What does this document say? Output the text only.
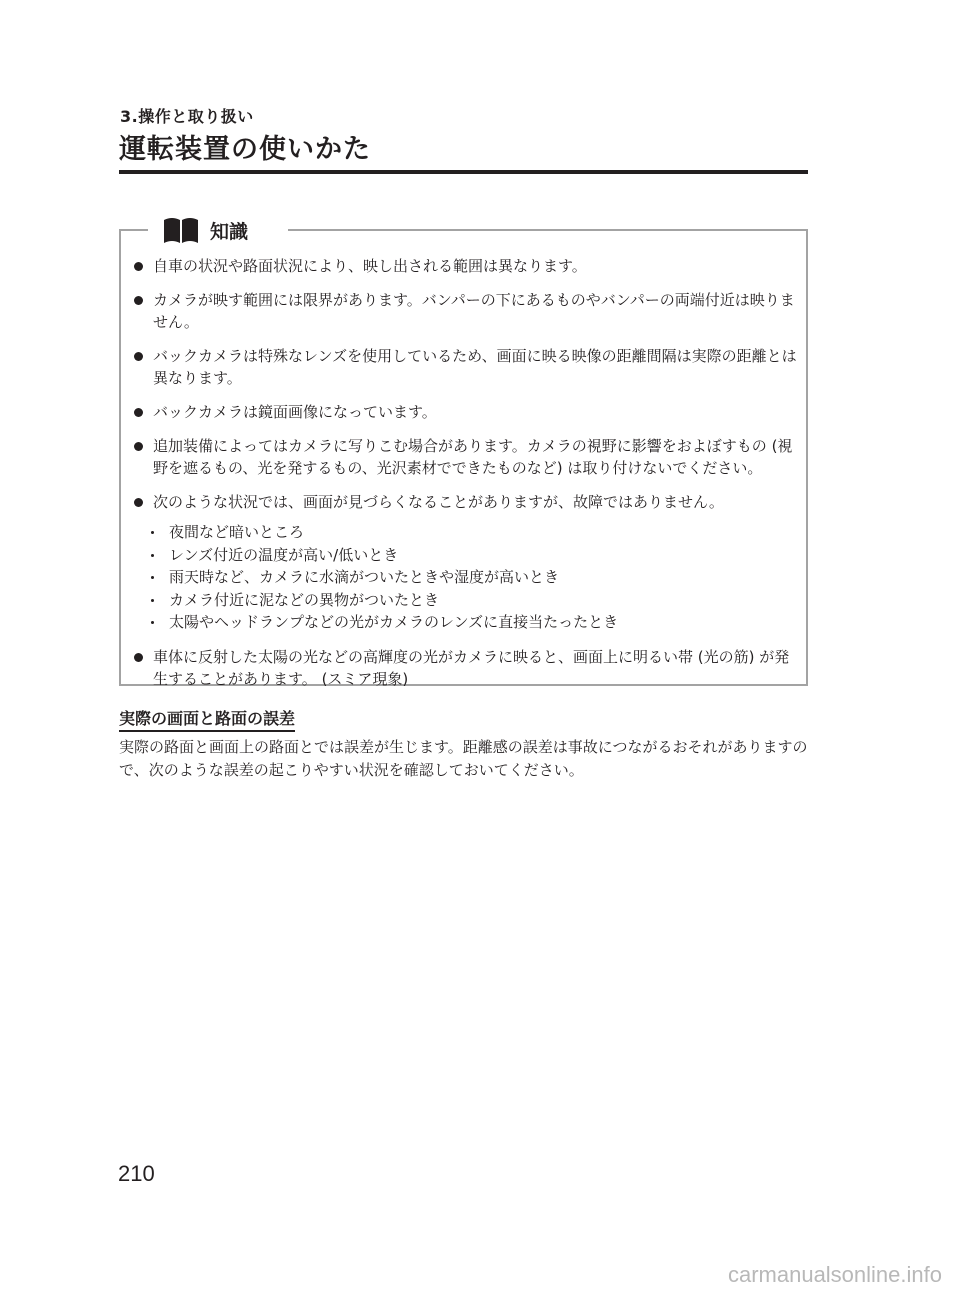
3.操作と取り扱い
運転装置の使いかた
知識
自車の状況や路面状況により、映し出される範囲は異なります。
カメラが映す範囲には限界があります。バンパーの下にあるものやバンパーの両端付近は映りません。
バックカメラは特殊なレンズを使用しているため、画面に映る映像の距離間隔は実際の距離とは異なります。
バックカメラは鏡面画像になっています。
追加装備によってはカメラに写りこむ場合があります。カメラの視野に影響をおよぼすもの (視野を遮るもの、光を発するもの、光沢素材でできたものなど) は取り付けないでください。
次のような状況では、画面が見づらくなることがありますが、故障ではありません。
夜間など暗いところ
レンズ付近の温度が高い/低いとき
雨天時など、カメラに水滴がついたときや湿度が高いとき
カメラ付近に泥などの異物がついたとき
太陽やヘッドランプなどの光がカメラのレンズに直接当たったとき
車体に反射した太陽の光などの高輝度の光がカメラに映ると、画面上に明るい帯 (光の筋) が発生することがあります。 (スミア現象)
実際の画面と路面の誤差
実際の路面と画面上の路面とでは誤差が生じます。距離感の誤差は事故につながるおそれがありますので、次のような誤差の起こりやすい状況を確認しておいてください。
210
carmanualsonline.info
